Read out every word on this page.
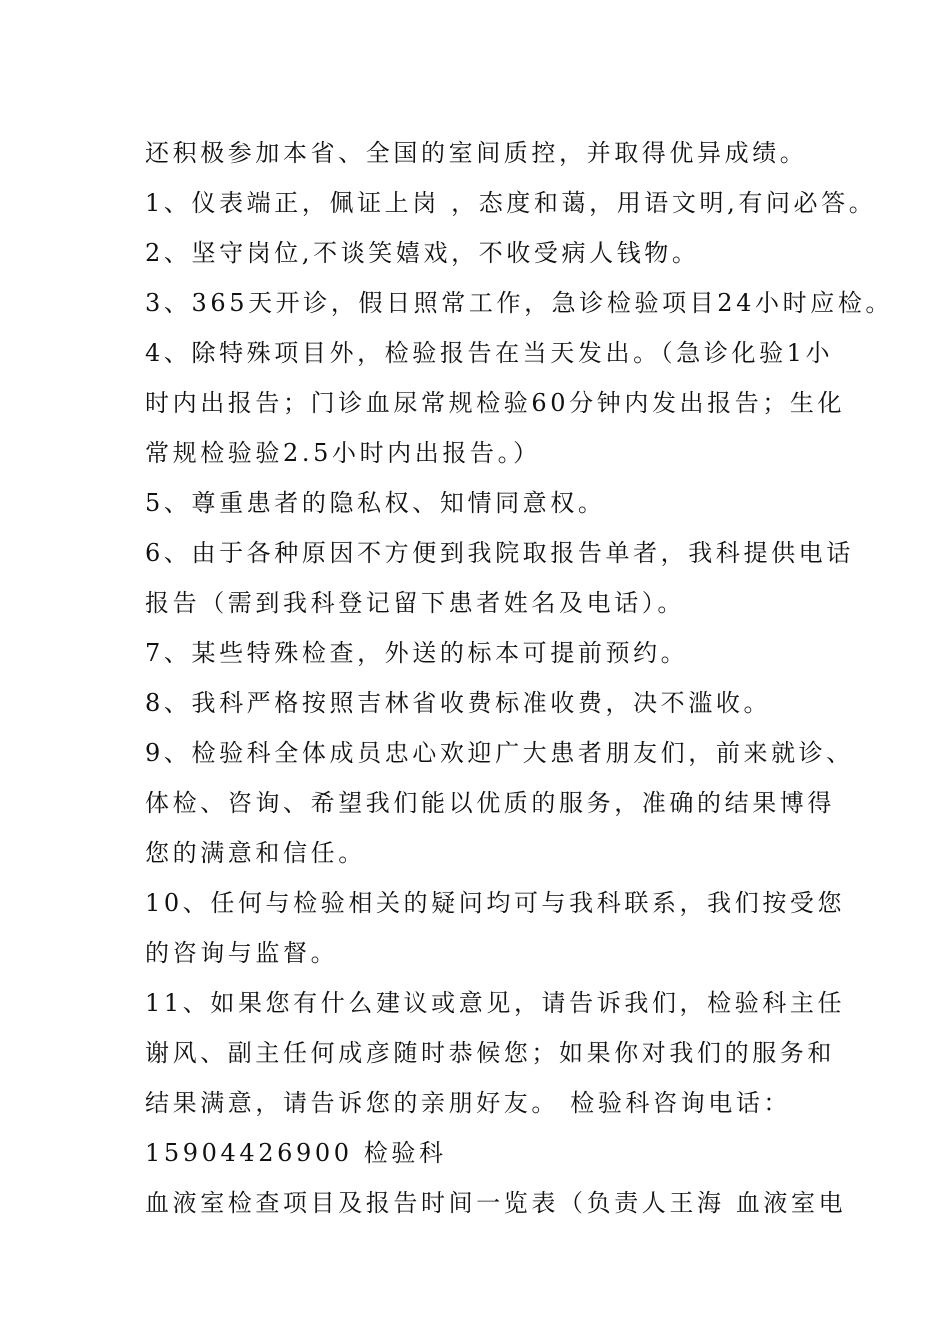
还积极参加本省、全国的室间质控，并取得优异成绩。
1、仪表端正，佩证上岗 ，态度和蔼，用语文明,有问必答。
2、坚守岗位,不谈笑嬉戏，不收受病人钱物。
3、365天开诊，假日照常工作，急诊检验项目24小时应检。
4、除特殊项目外，检验报告在当天发出。（急诊化验1小
时内出报告；门诊血尿常规检验60分钟内发出报告；生化
常规检验验2.5小时内出报告。）
5、尊重患者的隐私权、知情同意权。
6、由于各种原因不方便到我院取报告单者，我科提供电话
报告（需到我科登记留下患者姓名及电话）。
7、某些特殊检查，外送的标本可提前预约。
8、我科严格按照吉林省收费标准收费，决不滥收。
9、检验科全体成员忠心欢迎广大患者朋友们，前来就诊、
体检、咨询、希望我们能以优质的服务，准确的结果博得
您的满意和信任。
10、任何与检验相关的疑问均可与我科联系，我们按受您
的咨询与监督。
11、如果您有什么建议或意见，请告诉我们，检验科主任
谢风、副主任何成彦随时恭候您；如果你对我们的服务和
结果满意，请告诉您的亲朋好友。 检验科咨询电话：
15904426900 检验科
血液室检查项目及报告时间一览表（负责人王海 血液室电
